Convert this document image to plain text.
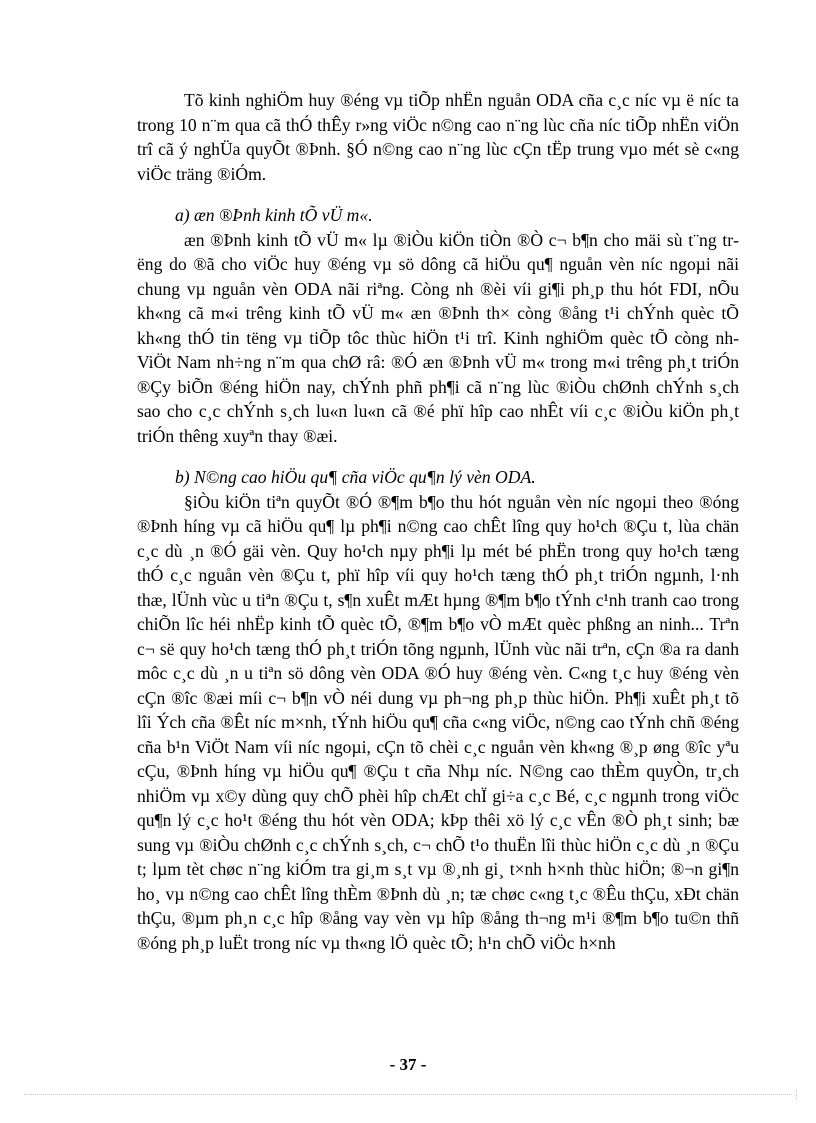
Tõ kinh nghiÖm huy ®éng vµ tiÕp nhËn nguån ODA cña c¸c níc vµ ë níc ta trong 10 n¨m qua cã thÓ thÊy r»ng viÖc n©ng cao n¨ng lùc cña níc tiÕp nhËn viÖn trî cã ý nghÜa quyÕt ®Þnh. §Ó n©ng cao n¨ng lùc cÇn tËp trung vµo mét sè c«ng viÖc träng ®iÓm.

a) æn ®Þnh kinh tÕ vÜ m«.

æn ®Þnh kinh tÕ vÜ m« lµ ®iÒu kiÖn tiÒn ®Ò c¬ b¶n cho mäi sù t¨ng trëng do ®ã cho viÖc huy ®éng vµ sö dông cã hiÖu qu¶ nguån vèn níc ngoµi nãi chung vµ nguån vèn ODA nãi riªng. Còng nh ®èi víi gi¶i ph¸p thu hót FDI, nÕu kh«ng cã m«i trêng kinh tÕ vÜ m« æn ®Þnh th× còng ®ång t¹i chÝnh quèc tÕ kh«ng thÓ tin tëng vµ tiÕp tôc thùc hiÖn t¹i trî. Kinh nghiÖm quèc tÕ còng nh ViÖt Nam nh÷ng n¨m qua chØ râ: ®Ó æn ®Þnh vÜ m« trong m«i trêng ph¸t triÓn ®Çy biÕn ®éng hiÖn nay, chÝnh phñ ph¶i cã n¨ng lùc ®iÒu chØnh chÝnh s¸ch sao cho c¸c chÝnh s¸ch lu«n lu«n cã ®é phï hîp cao nhÊt víi c¸c ®iÒu kiÖn ph¸t triÓn thêng xuyªn thay ®æi.

b) N©ng cao hiÖu qu¶ cña viÖc qu¶n lý vèn ODA.

§iÒu kiÖn tiªn quyÕt ®Ó ®¶m b¶o thu hót nguån vèn níc ngoµi theo ®óng ®Þnh híng vµ cã hiÖu qu¶ lµ ph¶i n©ng cao chÊt lîng quy ho¹ch ®Çu t, lùa chän c¸c dù ¸n ®Ó gäi vèn. Quy ho¹ch nµy ph¶i lµ mét bé phËn trong quy ho¹ch tæng thÓ c¸c nguån vèn ®Çu t, phï hîp víi quy ho¹ch tæng thÓ ph¸t triÓn ngµnh, l·nh thæ, lÜnh vùc u tiªn ®Çu t, s¶n xuÊt mÆt hµng ®¶m b¶o tÝnh c¹nh tranh cao trong chiÕn lîc héi nhËp kinh tÕ quèc tÕ, ®¶m b¶o vÒ mÆt quèc phßng an ninh... Trªn c¬ së quy ho¹ch tæng thÓ ph¸t triÓn tõng ngµnh, lÜnh vùc nãi trªn, cÇn ®a ra danh môc c¸c dù ¸n u tiªn sö dông vèn ODA ®Ó huy ®éng vèn. C«ng t¸c huy ®éng vèn cÇn ®îc ®æi míi c¬ b¶n vÒ néi dung vµ ph¬ng ph¸p thùc hiÖn. Ph¶i xuÊt ph¸t tõ lîi Ých cña ®Êt níc m×nh, tÝnh hiÖu qu¶ cña c«ng viÖc, n©ng cao tÝnh chñ ®éng cña b¹n ViÖt Nam víi níc ngoµi, cÇn tõ chèi c¸c nguån vèn kh«ng ®¸p øng ®îc yªu cÇu, ®Þnh híng vµ hiÖu qu¶ ®Çu t cña Nhµ níc. N©ng cao thÈm quyÒn, tr¸ch nhiÖm vµ x©y dùng quy chÕ phèi hîp chÆt chÏ gi÷a c¸c Bé, c¸c ngµnh trong viÖc qu¶n lý c¸c ho¹t ®éng thu hót vèn ODA; kÞp thêi xö lý c¸c vÊn ®Ò ph¸t sinh; bæ sung vµ ®iÒu chØnh c¸c chÝnh s¸ch, c¬ chÕ t¹o thuËn lîi thùc hiÖn c¸c dù ¸n ®Çu t; lµm tèt chøc n¨ng kiÓm tra gi¸m s¸t vµ ®¸nh gi¸ t×nh h×nh thùc hiÖn; ®¬n gi¶n ho¸ vµ n©ng cao chÊt lîng thÈm ®Þnh dù ¸n; tæ chøc c«ng t¸c ®Êu thÇu, xÐt chän thÇu, ®µm ph¸n c¸c hîp ®ång vay vèn vµ hîp ®ång th¬ng m¹i ®¶m b¶o tu©n thñ ®óng ph¸p luËt trong níc vµ th«ng lÖ quèc tÕ; h¹n chÕ viÖc h×nh

- 37 -
